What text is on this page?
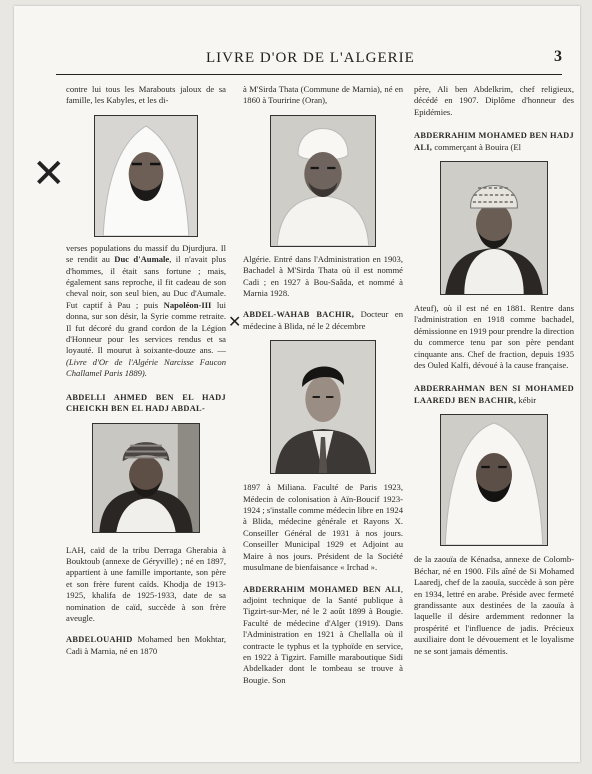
LIVRE D'OR DE L'ALGERIE	3
contre lui tous les Marabouts jaloux de sa famille, les Kabyles, et les di-
verses populations du massif du Djurdjura. Il se rendit au Duc d'Aumale, il n'avait plus d'hommes, il était sans fortune ; mais, également sans reproche, il fit cadeau de son cheval noir, son seul bien, au Duc d'Aumale. Fut captif à Pau ; puis Napoléon-III lui donna, sur son désir, la Syrie comme retraite. Il fut décoré du grand cordon de la Légion d'Honneur pour les services rendus et sa loyauté. Il mourut à soixante-douze ans. — (Livre d'Or de l'Algérie Narcisse Faucon Challamel Paris 1889).
ABDELLI AHMED BEN EL HADJ CHEICKH BEN EL HADJ ABDAL-
LAH, caïd de la tribu Derraga Gherabia à Bouktoub (annexe de Géryville) ; né en 1897, appartient à une famille importante, son père et son frère furent caïds. Khodja de 1913-1925, khalifa de 1925-1933, date de sa nomination de caïd, succède à son frère aveugle.
ABDELOUAHID Mohamed ben Mokhtar, Cadi à Marnia, né en 1870
à M'Sirda Thata (Commune de Marnia), né en 1860 à Touririne (Oran),
Algérie. Entré dans l'Administration en 1903, Bachadel à M'Sirda Thata où il est nommé Cadi ; en 1927 à Bou-Saâda, et nommé à Marnia 1928.
ABDEL-WAHAB BACHIR, Docteur en médecine à Blida, né le 2 décembre
1897 à Miliana. Faculté de Paris 1923, Médecin de colonisation à Aïn-Boucif 1923-1924 ; s'installe comme médecin libre en 1924 à Blida, médecine générale et Rayons X. Conseiller Général de 1931 à nos jours. Conseiller Municipal 1929 et Adjoint au Maire à nos jours. Président de la Société musulmane de bienfaisance « Irchad ».
ABDERRAHIM MOHAMED BEN ALI, adjoint technique de la Santé publique à Tigzirt-sur-Mer, né le 2 août 1899 à Bougie. Faculté de médecine d'Alger (1919). Dans l'Administration en 1921 à Chellalla où il contracte le typhus et la typhoïde en service, en 1922 à Tigzirt. Famille maraboutique Sidi Abdelkader dont le tombeau se trouve à Bougie. Son
père, Ali ben Abdelkrim, chef religieux, décédé en 1907. Diplôme d'honneur des Epidémies.
ABDERRAHIM MOHAMED BEN HADJ ALI, commerçant à Bouira (El
Ateuf), où il est né en 1881. Rentre dans l'administration en 1918 comme bachadel, démissionne en 1919 pour prendre la direction du commerce tenu par son père pendant cinquante ans. Chef de fraction, depuis 1935 des Ouled Kalfi, dévoué à la cause française.
ABDERRAHMAN BEN SI MOHAMED LAAREDJ BEN BACHIR, kébir
de la zaouïa de Kénadsa, annexe de Colomb-Béchar, né en 1900. Fils aîné de Si Mohamed Laaredj, chef de la zaouïa, succède à son père en 1934, lettré en arabe. Préside avec fermeté grandissante aux destinées de la zaouïa à laquelle il désire ardemment redonner la prospérité et l'influence de jadis. Précieux auxiliaire dont le dévouement et le loyalisme ne se sont jamais démentis.
✕
✕
